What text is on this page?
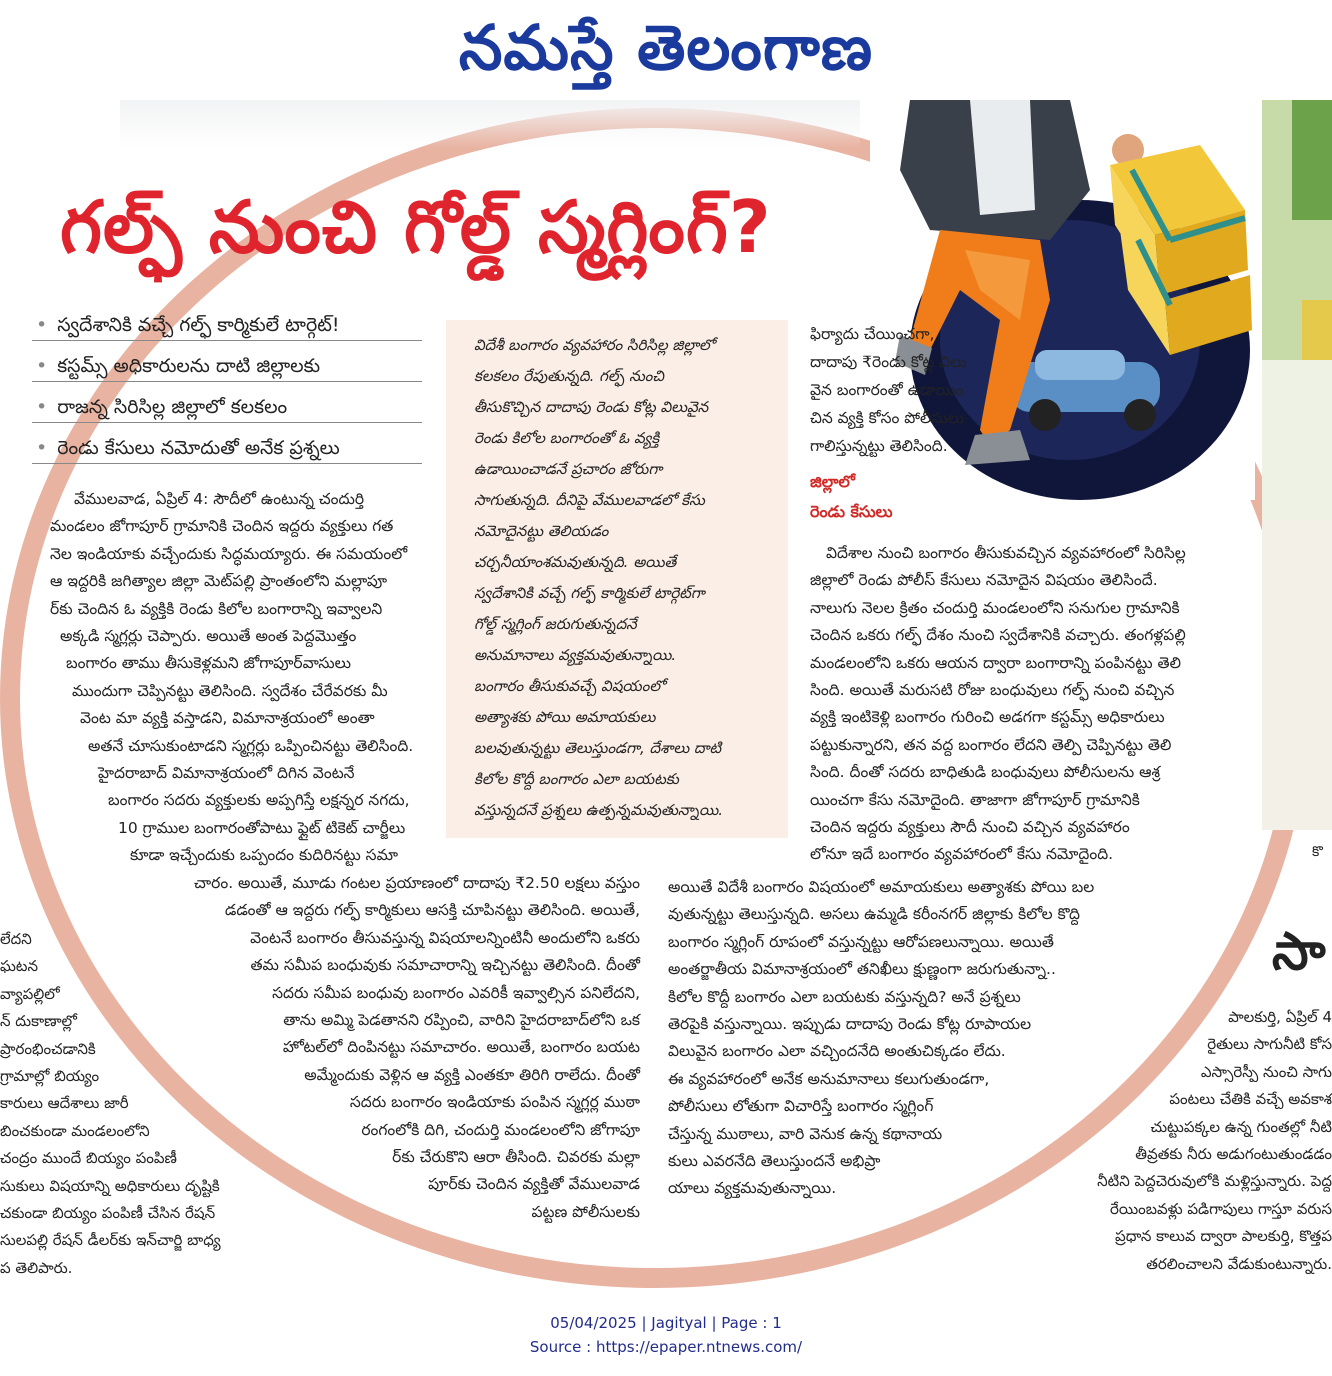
నమస్తే తెలంగాణ
గల్ఫ్ నుంచి గోల్డ్ స్మగ్లింగ్?
• స్వదేశానికి వచ్చే గల్ఫ్ కార్మికులే టార్గెట్!
• కస్టమ్స్ అధికారులను దాటి జిల్లాలకు
• రాజన్న సిరిసిల్ల జిల్లాలో కలకలం
• రెండు కేసులు నమోదుతో అనేక ప్రశ్నలు

వేములవాడ, ఏప్రిల్ 4: సౌదీలో ఉంటున్న చందుర్తి

మండలం జోగాపూర్ గ్రామానికి చెందిన ఇద్దరు వ్యక్తులు గత

నెల ఇండియాకు వచ్చేందుకు సిద్ధమయ్యారు. ఈ సమయంలో

ఆ ఇద్దరికి జగిత్యాల జిల్లా మెట్‌పల్లి ప్రాంతంలోని మల్లాపూ

ర్‌కు చెందిన ఓ వ్యక్తికి రెండు కిలోల బంగారాన్ని ఇవ్వాలని

అక్కడి స్మగ్లర్లు చెప్పారు. అయితే అంత పెద్దమొత్తం

బంగారం తాము తీసుకెళ్లమని జోగాపూర్‌వాసులు

ముందుగా చెప్పినట్టు తెలిసింది. స్వదేశం చేరేవరకు మీ

వెంట మా వ్యక్తి వస్తాడని, విమానాశ్రయంలో అంతా

అతనే చూసుకుంటాడని స్మగ్లర్లు ఒప్పించినట్టు తెలిసింది.

హైదరాబాద్ విమానాశ్రయంలో దిగిన వెంటనే

బంగారం సదరు వ్యక్తులకు అప్పగిస్తే లక్షన్నర నగదు,

10 గ్రాముల బంగారంతోపాటు ఫ్లైట్ టికెట్ చార్జీలు

కూడా ఇచ్చేందుకు ఒప్పందం కుదిరినట్టు సమా

చారం. అయితే, మూడు గంటల ప్రయాణంలో దాదాపు ₹2.50 లక్షలు వస్తుం

డడంతో ఆ ఇద్దరు గల్ఫ్ కార్మికులు ఆసక్తి చూపినట్టు తెలిసింది. అయితే,

వెంటనే బంగారం తీసువస్తున్న విషయాలన్నింటినీ అందులోని ఒకరు

తమ సమీప బంధువుకు సమాచారాన్ని ఇచ్చినట్టు తెలిసింది. దీంతో

సదరు సమీప బంధువు బంగారం ఎవరికీ ఇవ్వాల్సిన పనిలేదని,

తాను అమ్మి పెడతానని రప్పించి, వారిని హైదరాబాద్‌లోని ఒక

హోటల్‌లో దింపినట్టు సమాచారం. అయితే, బంగారం బయట

అమ్మేందుకు వెళ్లిన ఆ వ్యక్తి ఎంతకూ తిరిగి రాలేదు. దీంతో

సదరు బంగారం ఇండియాకు పంపిన స్మగ్లర్ల ముఠా

రంగంలోకి దిగి, చందుర్తి మండలంలోని జోగాపూ

ర్‌కు చేరుకొని ఆరా తీసింది. చివరకు మల్లా

పూర్‌కు చెందిన వ్యక్తితో వేములవాడ

పట్టణ పోలీసులకు

విదేశీ బంగారం వ్యవహారం సిరిసిల్ల జిల్లాలో
కలకలం రేపుతున్నది. గల్ఫ్ నుంచి
తీసుకొచ్చిన దాదాపు రెండు కోట్ల విలువైన
రెండు కిలోల బంగారంతో ఓ వ్యక్తి
ఉడాయించాడనే ప్రచారం జోరుగా
సాగుతున్నది. దీనిపై వేములవాడలో కేసు
నమోదైనట్టు తెలియడం
చర్చనీయాంశమవుతున్నది. అయితే
స్వదేశానికి వచ్చే గల్ఫ్ కార్మికులే టార్గెట్‌గా
గోల్డ్ స్మగ్లింగ్ జరుగుతున్నదనే
అనుమానాలు వ్యక్తమవుతున్నాయి.
బంగారం తీసుకువచ్చే విషయంలో
అత్యాశకు పోయి అమాయకులు
బలవుతున్నట్టు తెలుస్తుండగా, దేశాలు దాటి
కిలోల కొద్దీ బంగారం ఎలా బయటకు
వస్తున్నదనే ప్రశ్నలు ఉత్పన్నమవుతున్నాయి.

ఫిర్యాదు చేయించగా,

దాదాపు ₹రెండు కోట్ల విలు

వైన బంగారంతో ఉడాయిం

చిన వ్యక్తి కోసం పోలీసులు

గాలిస్తున్నట్టు తెలిసింది.

జిల్లాలో
రెండు కేసులు

విదేశాల నుంచి బంగారం తీసుకువచ్చిన వ్యవహారంలో సిరిసిల్ల

జిల్లాలో రెండు పోలీస్ కేసులు నమోదైన విషయం తెలిసిందే.

నాలుగు నెలల క్రితం చందుర్తి మండలంలోని సనుగుల గ్రామానికి

చెందిన ఒకరు గల్ఫ్ దేశం నుంచి స్వదేశానికి వచ్చారు. తంగళ్లపల్లి

మండలంలోని ఒకరు ఆయన ద్వారా బంగారాన్ని పంపినట్టు తెలి

సింది. అయితే మరుసటి రోజు బంధువులు గల్ఫ్ నుంచి వచ్చిన

వ్యక్తి ఇంటికెళ్లి బంగారం గురించి అడగగా కస్టమ్స్ అధికారులు

పట్టుకున్నారని, తన వద్ద బంగారం లేదని తెల్పి చెప్పినట్టు తెలి

సింది. దీంతో సదరు బాధితుడి బంధువులు పోలీసులను ఆశ్ర

యించగా కేసు నమోదైంది. తాజాగా జోగాపూర్ గ్రామానికి

చెందిన ఇద్దరు వ్యక్తులు సౌదీ నుంచి వచ్చిన వ్యవహారం

లోనూ ఇదే బంగారం వ్యవహారంలో కేసు నమోదైంది.

అయితే విదేశీ బంగారం విషయంలో అమాయకులు అత్యాశకు పోయి బల

వుతున్నట్టు తెలుస్తున్నది. అసలు ఉమ్మడి కరీంనగర్ జిల్లాకు కిలోల కొద్ది

బంగారం స్మగ్లింగ్ రూపంలో వస్తున్నట్టు ఆరోపణలున్నాయి. అయితే

అంతర్జాతీయ విమానాశ్రయంలో తనిఖీలు క్షుణ్ణంగా జరుగుతున్నా..

కిలోల కొద్దీ బంగారం ఎలా బయటకు వస్తున్నది? అనే ప్రశ్నలు

తెరపైకి వస్తున్నాయి. ఇప్పుడు దాదాపు రెండు కోట్ల రూపాయల

విలువైన బంగారం ఎలా వచ్చిందనేది అంతుచిక్కడం లేదు.

ఈ వ్యవహారంలో అనేక అనుమానాలు కలుగుతుండగా,

పోలీసులు లోతుగా విచారిస్తే బంగారం స్మగ్లింగ్

చేస్తున్న ముఠాలు, వారి వెనుక ఉన్న కథానాయ

కులు ఎవరనేది తెలుస్తుందనే అభిప్రా

యాలు వ్యక్తమవుతున్నాయి.

లేదని

ఘటన

వ్యాపల్లిలో

న్ దుకాణాల్లో

ప్రారంభించడానికి

గ్రామాల్లో బియ్యం

కారులు ఆదేశాలు జారీ

బించకుండా మండలంలోని

చంద్రం ముందే బియ్యం పంపిణీ

సుకులు విషయాన్ని అధికారులు దృష్టికి

చకుండా బియ్యం పంపిణీ చేసిన రేషన్

సులపల్లి రేషన్ డీలర్‌కు ఇన్‌చార్జి బాధ్య

ప తెలిపారు.

కొ
సా

పాలకుర్తి, ఏప్రిల్ 4

రైతులు సాగునీటి కోస

ఎస్సారెస్పీ నుంచి సాగు

పంటలు చేతికి వచ్చే అవకాశ

చుట్టుపక్కల ఉన్న గుంతల్లో నీటి

తీవ్రతకు నీరు అడుగంటుతుండడం

నీటిని పెద్దచెరువులోకి మళ్లిస్తున్నారు. పెద్ద

రేయింబవళ్లు పడిగాపులు గాస్తూ వరుస

ప్రధాన కాలువ ద్వారా పాలకుర్తి, కొత్తప

తరలించాలని వేడుకుంటున్నారు.

05/04/2025 | Jagityal | Page : 1
Source : https://epaper.ntnews.com/
